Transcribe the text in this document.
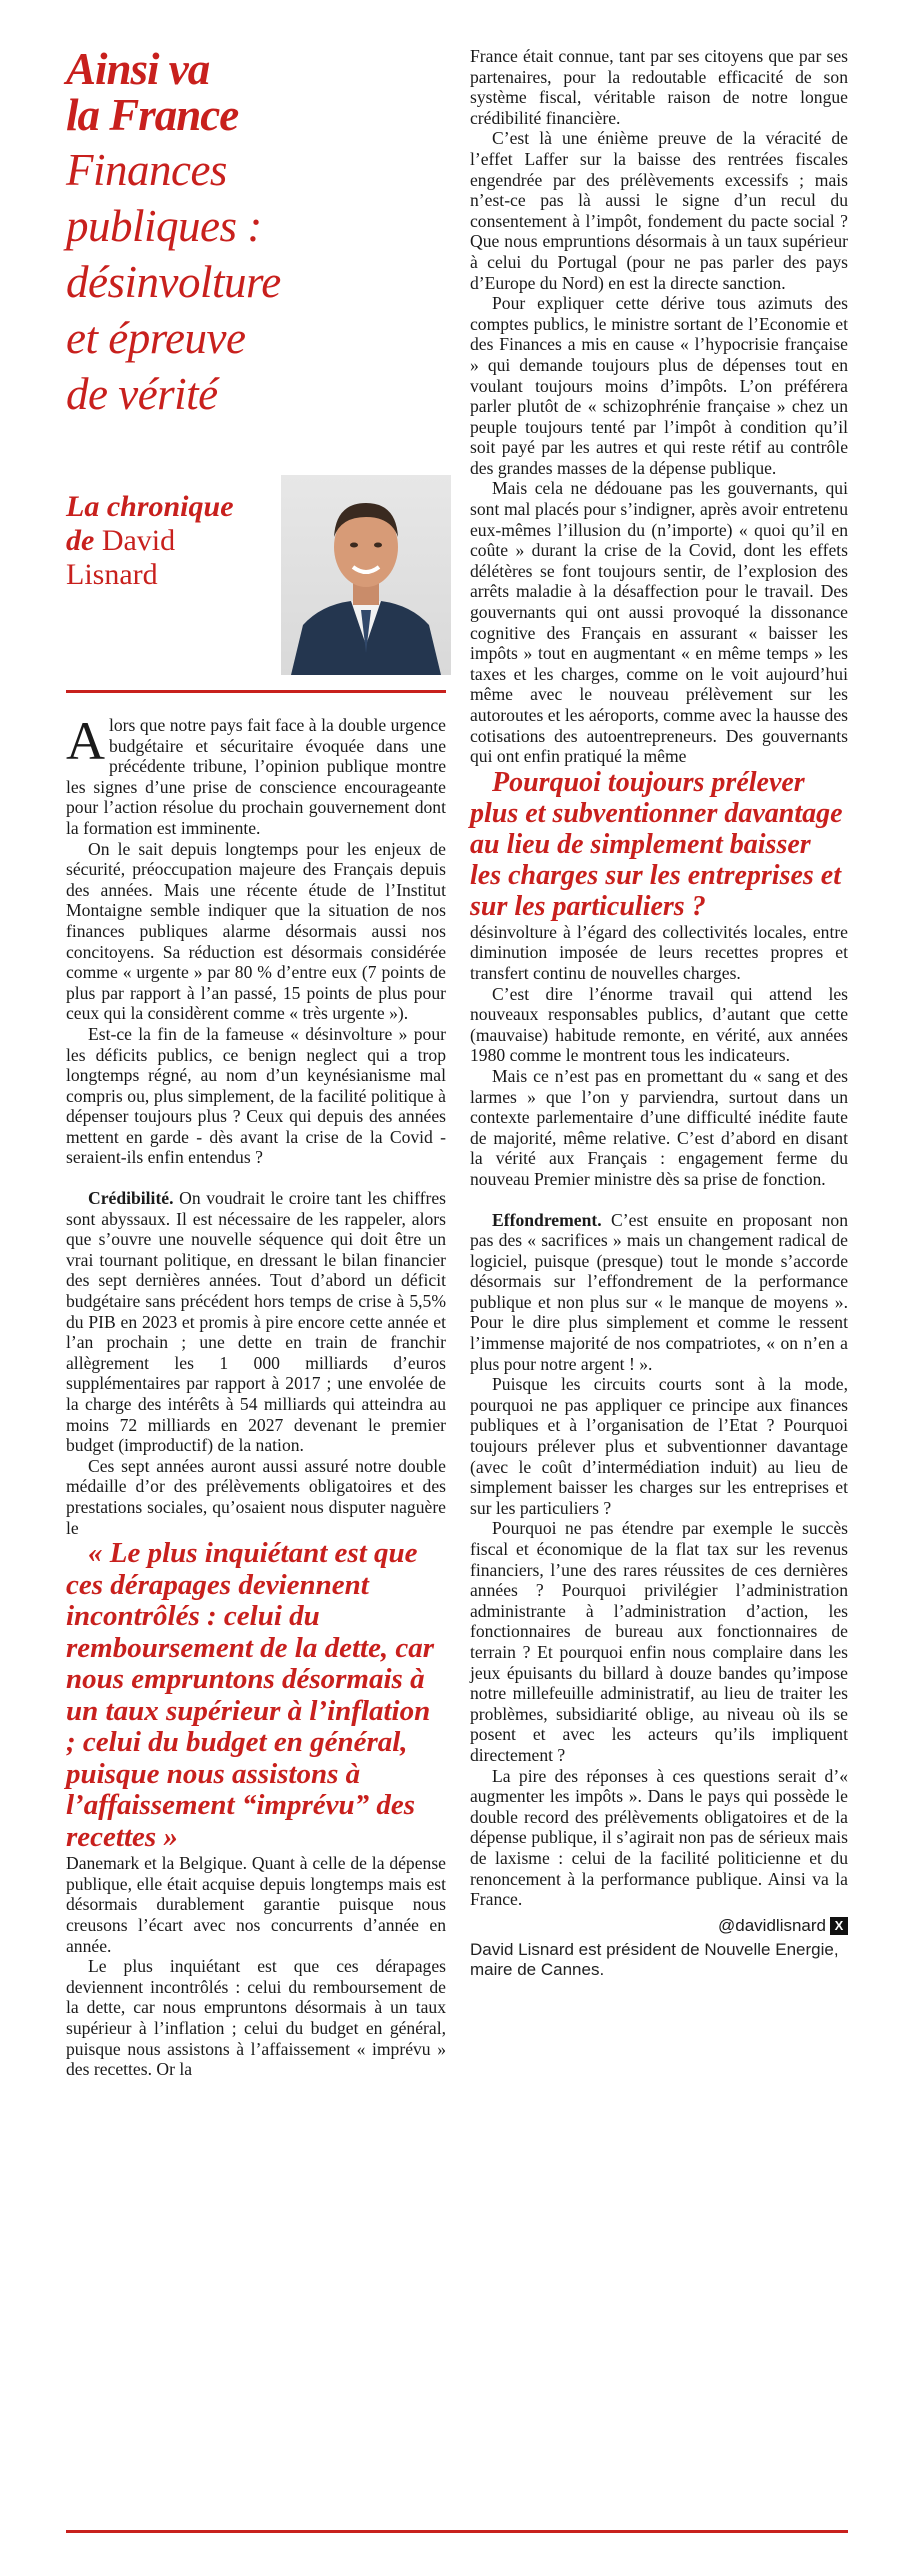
Ainsi va
la France

Finances
publiques :
désinvolture
et épreuve
de vérité

La chronique

de David
Lisnard

Alors que notre pays fait face à la double urgence budgétaire et sécuritaire évoquée dans une précédente tribune, l’opinion publique montre les signes d’une prise de conscience encourageante pour l’action résolue du prochain gouvernement dont la formation est imminente.

On le sait depuis longtemps pour les enjeux de sécurité, préoccupation majeure des Français depuis des années. Mais une récente étude de l’Institut Montaigne semble indiquer que la situation de nos finances publiques alarme désormais aussi nos concitoyens. Sa réduction est désormais considérée comme « urgente » par 80 % d’entre eux (7 points de plus par rapport à l’an passé, 15 points de plus pour ceux qui la considèrent comme « très urgente »).

Est-ce la fin de la fameuse « désinvolture » pour les déficits publics, ce benign neglect qui a trop longtemps régné, au nom d’un keynésianisme mal compris ou, plus simplement, de la facilité politique à dépenser toujours plus ? Ceux qui depuis des années mettent en garde - dès avant la crise de la Covid - seraient-ils enfin entendus ?

Crédibilité. On voudrait le croire tant les chiffres sont abyssaux. Il est nécessaire de les rappeler, alors que s’ouvre une nouvelle séquence qui doit être un vrai tournant politique, en dressant le bilan financier des sept dernières années. Tout d’abord un déficit budgétaire sans précédent hors temps de crise à 5,5% du PIB en 2023 et promis à pire encore cette année et l’an prochain ; une dette en train de franchir allègrement les 1 000 milliards d’euros supplémentaires par rapport à 2017 ; une envolée de la charge des intérêts à 54 milliards qui atteindra au moins 72 milliards en 2027 devenant le premier budget (improductif) de la nation.

Ces sept années auront aussi assuré notre double médaille d’or des prélèvements obligatoires et des prestations sociales, qu’osaient nous disputer naguère le

« Le plus inquiétant est que ces dérapages deviennent incontrôlés : celui du remboursement de la dette, car nous empruntons désormais à un taux supérieur à l’inflation ; celui du budget en général, puisque nous assistons à l’affaissement “imprévu” des recettes »

Danemark et la Belgique. Quant à celle de la dépense publique, elle était acquise depuis longtemps mais est désormais durablement garantie puisque nous creusons l’écart avec nos concurrents d’année en année.

Le plus inquiétant est que ces dérapages deviennent incontrôlés : celui du remboursement de la dette, car nous empruntons désormais à un taux supérieur à l’inflation ; celui du budget en général, puisque nous assistons à l’affaissement « imprévu » des recettes. Or la

France était connue, tant par ses citoyens que par ses partenaires, pour la redoutable efficacité de son système fiscal, véritable raison de notre longue crédibilité financière.

C’est là une énième preuve de la véracité de l’effet Laffer sur la baisse des rentrées fiscales engendrée par des prélèvements excessifs ; mais n’est-ce pas là aussi le signe d’un recul du consentement à l’impôt, fondement du pacte social ? Que nous empruntions désormais à un taux supérieur à celui du Portugal (pour ne pas parler des pays d’Europe du Nord) en est la directe sanction.

Pour expliquer cette dérive tous azimuts des comptes publics, le ministre sortant de l’Economie et des Finances a mis en cause « l’hypocrisie française » qui demande toujours plus de dépenses tout en voulant toujours moins d’impôts. L’on préférera parler plutôt de « schizophrénie française » chez un peuple toujours tenté par l’impôt à condition qu’il soit payé par les autres et qui reste rétif au contrôle des grandes masses de la dépense publique.

Mais cela ne dédouane pas les gouvernants, qui sont mal placés pour s’indigner, après avoir entretenu eux-mêmes l’illusion du (n’importe) « quoi qu’il en coûte » durant la crise de la Covid, dont les effets délétères se font toujours sentir, de l’explosion des arrêts maladie à la désaffection pour le travail. Des gouvernants qui ont aussi provoqué la dissonance cognitive des Français en assurant « baisser les impôts » tout en augmentant « en même temps » les taxes et les charges, comme on le voit aujourd’hui même avec le nouveau prélèvement sur les autoroutes et les aéroports, comme avec la hausse des cotisations des autoentrepreneurs. Des gouvernants qui ont enfin pratiqué la même

Pourquoi toujours prélever plus et subventionner davantage au lieu de simplement baisser les charges sur les entreprises et sur les particuliers ?

désinvolture à l’égard des collectivités locales, entre diminution imposée de leurs recettes propres et transfert continu de nouvelles charges.

C’est dire l’énorme travail qui attend les nouveaux responsables publics, d’autant que cette (mauvaise) habitude remonte, en vérité, aux années 1980 comme le montrent tous les indicateurs.

Mais ce n’est pas en promettant du « sang et des larmes » que l’on y parviendra, surtout dans un contexte parlementaire d’une difficulté inédite faute de majorité, même relative. C’est d’abord en disant la vérité aux Français : engagement ferme du nouveau Premier ministre dès sa prise de fonction.

Effondrement. C’est ensuite en proposant non pas des « sacrifices » mais un changement radical de logiciel, puisque (presque) tout le monde s’accorde désormais sur l’effondrement de la performance publique et non plus sur « le manque de moyens ». Pour le dire plus simplement et comme le ressent l’immense majorité de nos compatriotes, « on n’en a plus pour notre argent ! ».

Puisque les circuits courts sont à la mode, pourquoi ne pas appliquer ce principe aux finances publiques et à l’organisation de l’Etat ? Pourquoi toujours prélever plus et subventionner davantage (avec le coût d’intermédiation induit) au lieu de simplement baisser les charges sur les entreprises et sur les particuliers ?

Pourquoi ne pas étendre par exemple le succès fiscal et économique de la flat tax sur les revenus financiers, l’une des rares réussites de ces dernières années ? Pourquoi privilégier l’administration administrante à l’administration d’action, les fonctionnaires de bureau aux fonctionnaires de terrain ? Et pourquoi enfin nous complaire dans les jeux épuisants du billard à douze bandes qu’impose notre millefeuille administratif, au lieu de traiter les problèmes, subsidiarité oblige, au niveau où ils se posent et avec les acteurs qu’ils impliquent directement ?

La pire des réponses à ces questions serait d’« augmenter les impôts ». Dans le pays qui possède le double record des prélèvements obligatoires et de la dépense publique, il s’agirait non pas de sérieux mais de laxisme : celui de la facilité politicienne et du renoncement à la performance publique. Ainsi va la France.

@davidlisnard X
David Lisnard est président de Nouvelle Energie, maire de Cannes.
